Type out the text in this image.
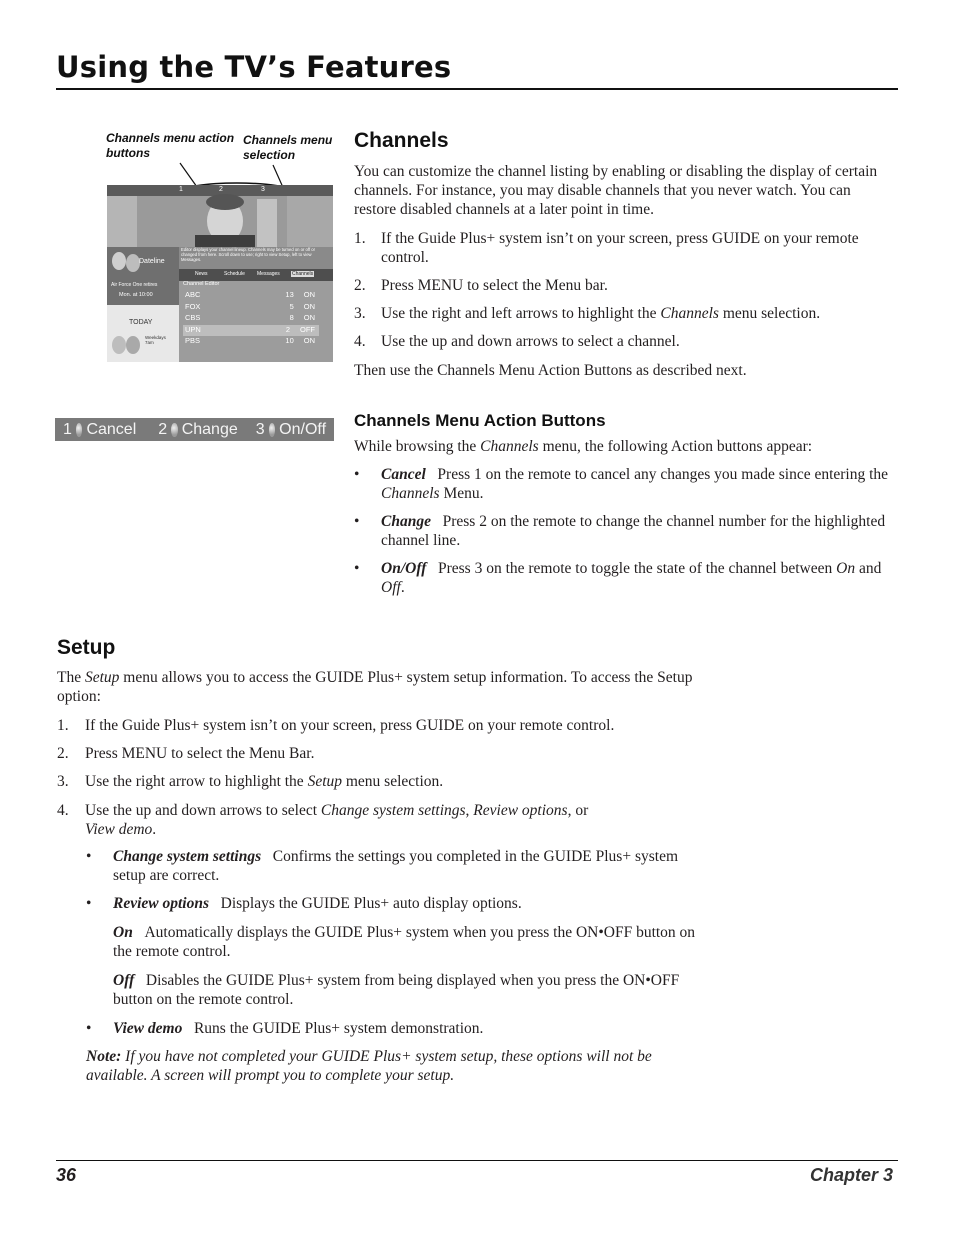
Using the TV’s Features
Channels menu action buttons
Channels menu selection
1	2	3
Editor displays your channel lineup. Channels may be turned on or off or changed from here. Scroll down to use; right to view Setup, left to view Messages.
Dateline
Air Force One retires
Mon. at 10:00
TODAY
Weekdays 7am
News	Schedule Messages Channels
Channel Editor
ABC	13 ON
FOX	5 ON
CBS	8 ON
UPN	2 OFF
PBS	10 ON
1 Cancel 2 Change 3 On/Off
Channels
You can customize the channel listing by enabling or disabling the display of certain channels. For instance, you may disable channels that you never watch. You can restore disabled channels at a later point in time.
1. If the Guide Plus+ system isn’t on your screen, press GUIDE on your remote control.
2. Press MENU to select the Menu bar.
3. Use the right and left arrows to highlight the Channels menu selection.
4. Use the up and down arrows to select a channel.
Then use the Channels Menu Action Buttons as described next.
Channels Menu Action Buttons
While browsing the Channels menu, the following Action buttons appear:
• Cancel Press 1 on the remote to cancel any changes you made since entering the Channels Menu.
• Change Press 2 on the remote to change the channel number for the highlighted channel line.
• On/Off Press 3 on the remote to toggle the state of the channel between On and Off.
Setup
The Setup menu allows you to access the GUIDE Plus+ system setup information. To access the Setup option:
1. If the Guide Plus+ system isn’t on your screen, press GUIDE on your remote control.
2. Press MENU to select the Menu Bar.
3. Use the right arrow to highlight the Setup menu selection.
4. Use the up and down arrows to select Change system settings, Review options, or
View demo.
• Change system settings Confirms the settings you completed in the GUIDE Plus+ system setup are correct.
• Review options Displays the GUIDE Plus+ auto display options.
On Automatically displays the GUIDE Plus+ system when you press the ON•OFF button on the remote control.
Off Disables the GUIDE Plus+ system from being displayed when you press the ON•OFF button on the remote control.
• View demo Runs the GUIDE Plus+ system demonstration.
Note: If you have not completed your GUIDE Plus+ system setup, these options will not be available. A screen will prompt you to complete your setup.
36	Chapter 3
